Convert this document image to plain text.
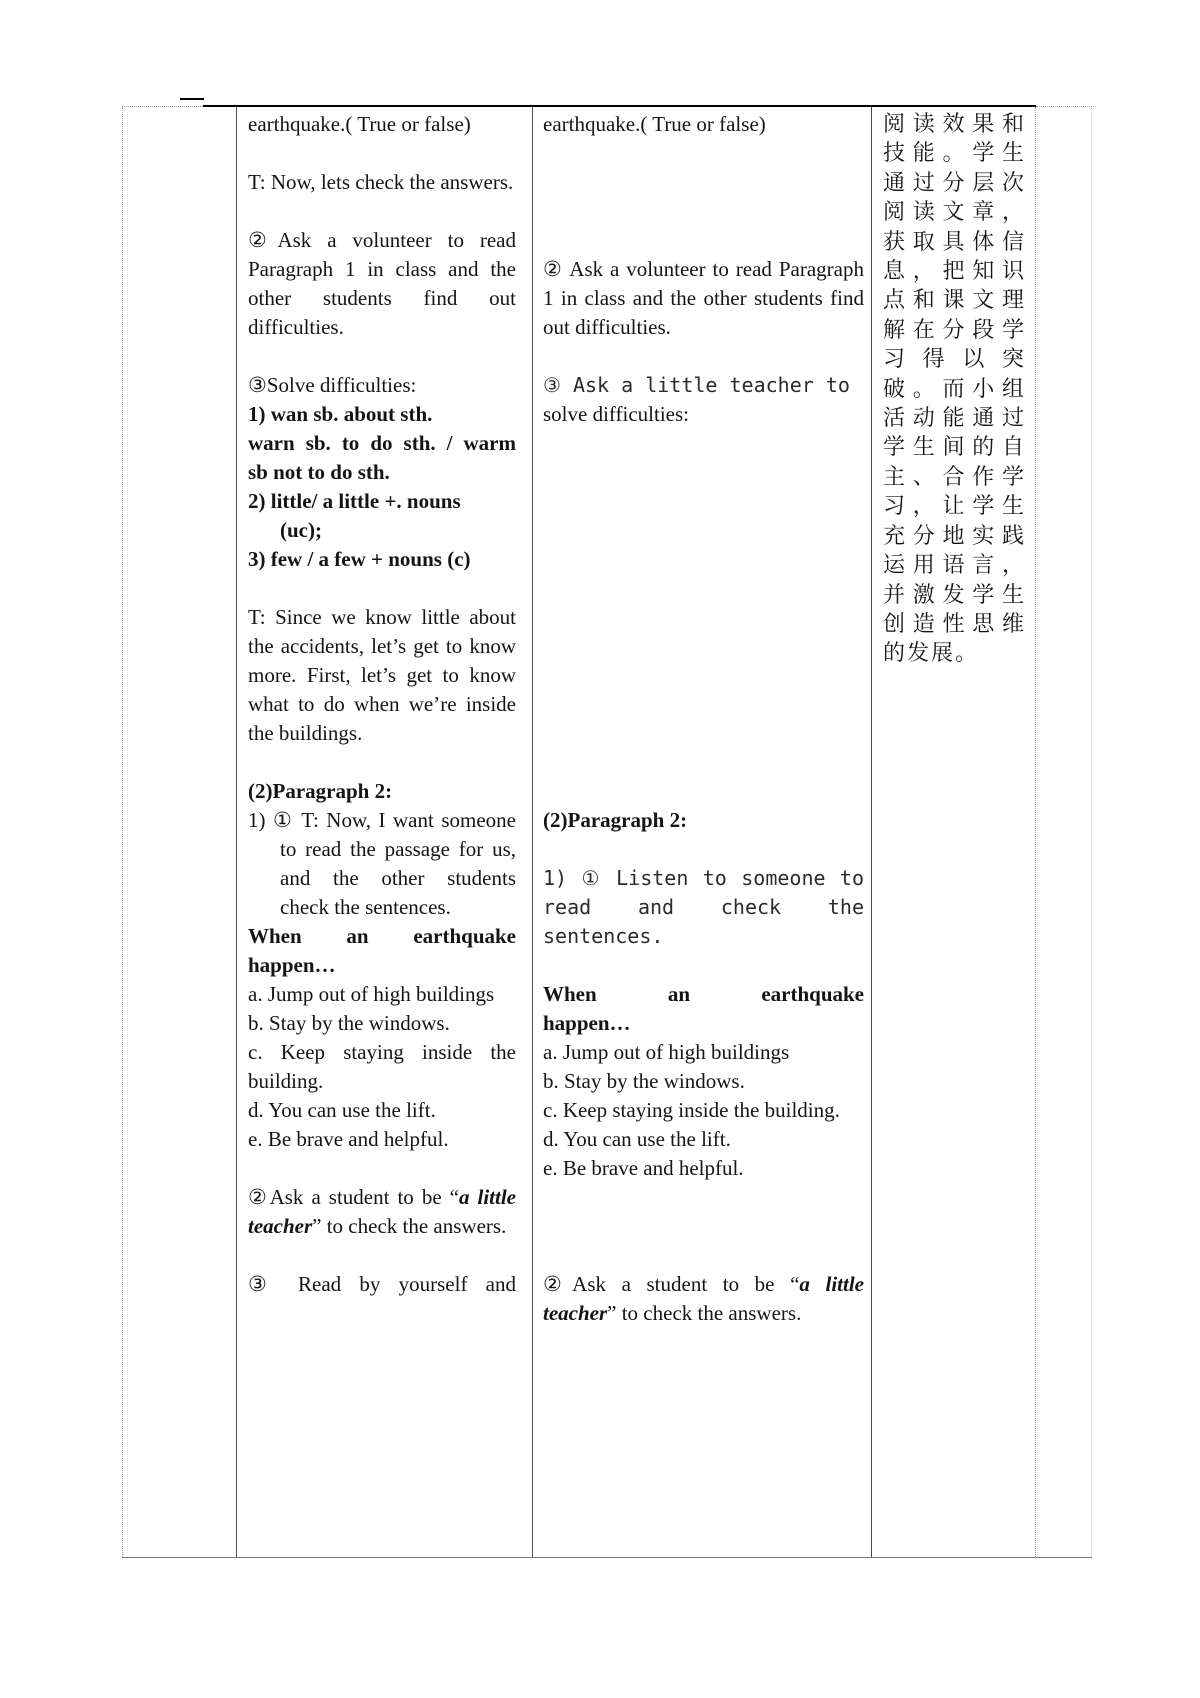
earthquake.( True or false)
T: Now, lets check the answers.
②Ask a volunteer to read Paragraph 1 in class and the other students find out difficulties.
③Solve difficulties:
1) wan sb. about sth.
warn sb. to do sth. / warm
sb not to do sth.
2) little/ a little +. nouns
(uc);
3) few / a few + nouns (c)
T: Since we know little about the accidents, let’s get to know more. First, let’s get to know what to do when we’re inside the buildings.
(2)Paragraph 2:
1) ① T: Now, I want someone to read the passage for us, and the other students check the sentences.
When an earthquake
happen…
a. Jump out of high buildings
b. Stay by the windows.
c. Keep staying inside the building.
d. You can use the lift.
e. Be brave and helpful.
②Ask a student to be “a little teacher” to check the answers.
③ Read by yourself and
earthquake.( True or false)
② Ask a volunteer to read Paragraph 1 in class and the other students find out difficulties.
③ Ask a little teacher to
solve difficulties:
(2)Paragraph 2:
1) ① Listen to someone to read and check the sentences.
When an earthquake
happen…
a. Jump out of high buildings
b. Stay by the windows.
c. Keep staying inside the building.
d. You can use the lift.
e. Be brave and helpful.
②Ask a student to be “a little teacher” to check the answers.
阅读效果和技能。学生通过分层次阅读文章，获取具体信息，把知识点和课文理解在分段学习得以突破。而小组活动能通过学生间的自主、合作学习，让学生充分地实践运用语言，并激发学生创造性思维的发展。
